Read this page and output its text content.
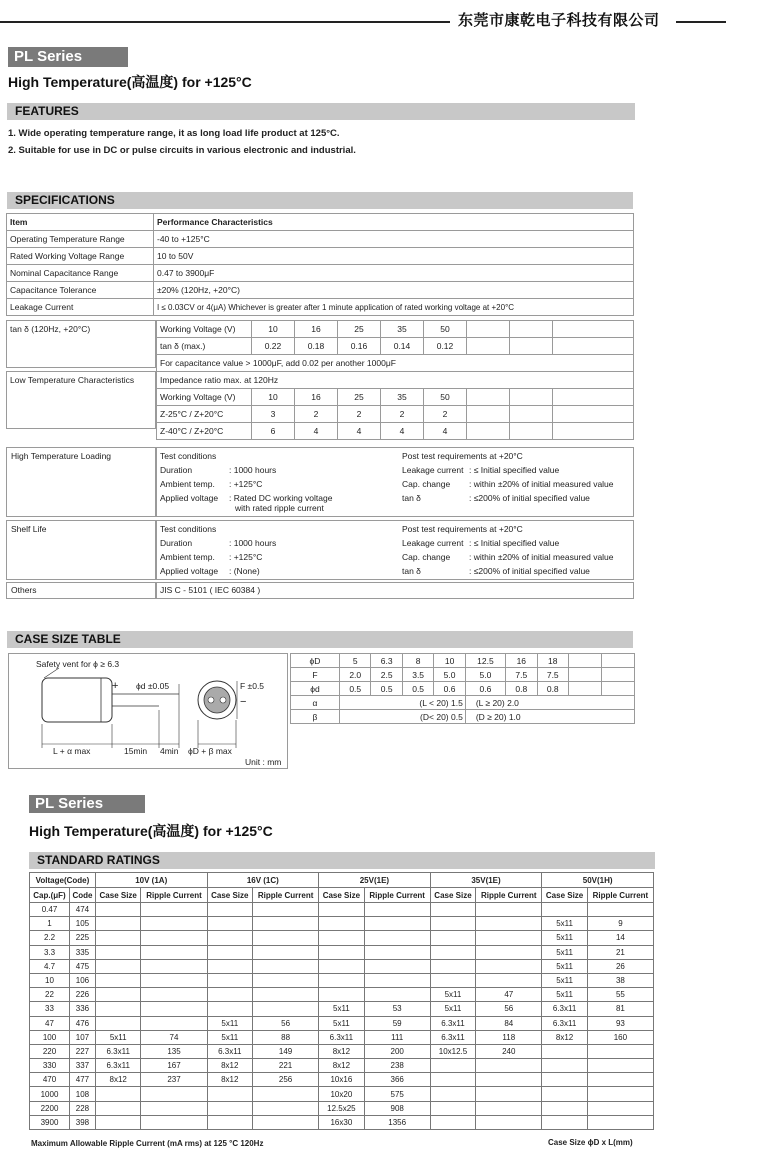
东莞市康乾电子科技有限公司
PL Series
High Temperature(高温度) for +125°C
FEATURES
1. Wide operating temperature range, it as long load life product at 125°C.
2. Suitable for use in DC or pulse circuits in various electronic and industrial.
SPECIFICATIONS
Item	Performance Characteristics
Operating Temperature Range	-40 to +125°C
Rated Working Voltage Range	10 to 50V
Nominal Capacitance Range	0.47 to 3900μF
Capacitance Tolerance	±20% (120Hz, +20°C)
Leakage Current	I ≤ 0.03CV or 4(μA) Whichever is greater after 1 minute application of rated working voltage at +20°C
tan δ (120Hz, +20°C)	Working Voltage (V)	10	16	25	35	50			
tan δ (max.)	0.22	0.18	0.16	0.14	0.12			
For capacitance value > 1000μF, add 0.02 per another 1000μF								
Low Temperature Characteristics	Impedance ratio max. at 120Hz								
Working Voltage (V)	10	16	25	35	50			
Z-25°C / Z+20°C	3	2	2	2	2			
Z-40°C / Z+20°C	6	4	4	4	4			
High Temperature Loading	Test conditions
Duration	: 1000 hours
Ambient temp. : +125°C
Applied voltage : Rated DC working voltage
with rated ripple current
Post test requirements at +20°C
Leakage current : ≤ Initial specified value
Cap. change : within ±20% of initial measured value
tan δ	: ≤200% of initial specified value
Shelf Life	Test conditions
Duration	: 1000 hours
Ambient temp. : +125°C
Applied voltage : (None)
Post test requirements at +20°C
Leakage current : ≤ Initial specified value
Cap. change : within ±20% of initial measured value
tan δ	: ≤200% of initial specified value
Others	JIS C - 5101 ( IEC 60384 )
CASE SIZE TABLE
Safety vent for ϕ ≥ 6.3
ϕd ±0.05	F ±0.5
+
−
L + α max	15min 4min ϕD + β max
Unit : mm
ϕD	5	6.3	8	10	12.5	16	18		
F	2.0	2.5	3.5	5.0	5.0	7.5	7.5		
ϕd	0.5	0.5	0.5	0.6	0.6	0.8	0.8		
α	(L < 20) 1.5				(L ≥ 20) 2.0				
β	(D< 20) 0.5				(D ≥ 20) 1.0				
PL Series
High Temperature(高温度) for +125°C
STANDARD RATINGS
Voltage(Code)		10V (1A)		16V (1C)		25V(1E)		35V(1E)		50V(1H)	
Cap.(μF)	Code	Case Size	Ripple Current	Case Size	Ripple Current	Case Size	Ripple Current	Case Size	Ripple Current	Case Size	Ripple Current
0.47	474										
1	105									5x11	9
2.2	225									5x11	14
3.3	335									5x11	21
4.7	475									5x11	26
10	106									5x11	38
22	226							5x11	47	5x11	55
33	336					5x11	53	5x11	56	6.3x11	81
47	476			5x11	56	5x11	59	6.3x11	84	6.3x11	93
100	107	5x11	74	5x11	88	6.3x11	111	6.3x11	118	8x12	160
220	227	6.3x11	135	6.3x11	149	8x12	200	10x12.5	240		
330	337	6.3x11	167	8x12	221	8x12	238				
470	477	8x12	237	8x12	256	10x16	366				
1000	108					10x20	575				
2200	228					12.5x25	908				
3900	398					16x30	1356				
Maximum Allowable Ripple Current (mA rms) at 125 °C 120Hz	Case Size ϕD x L(mm)
